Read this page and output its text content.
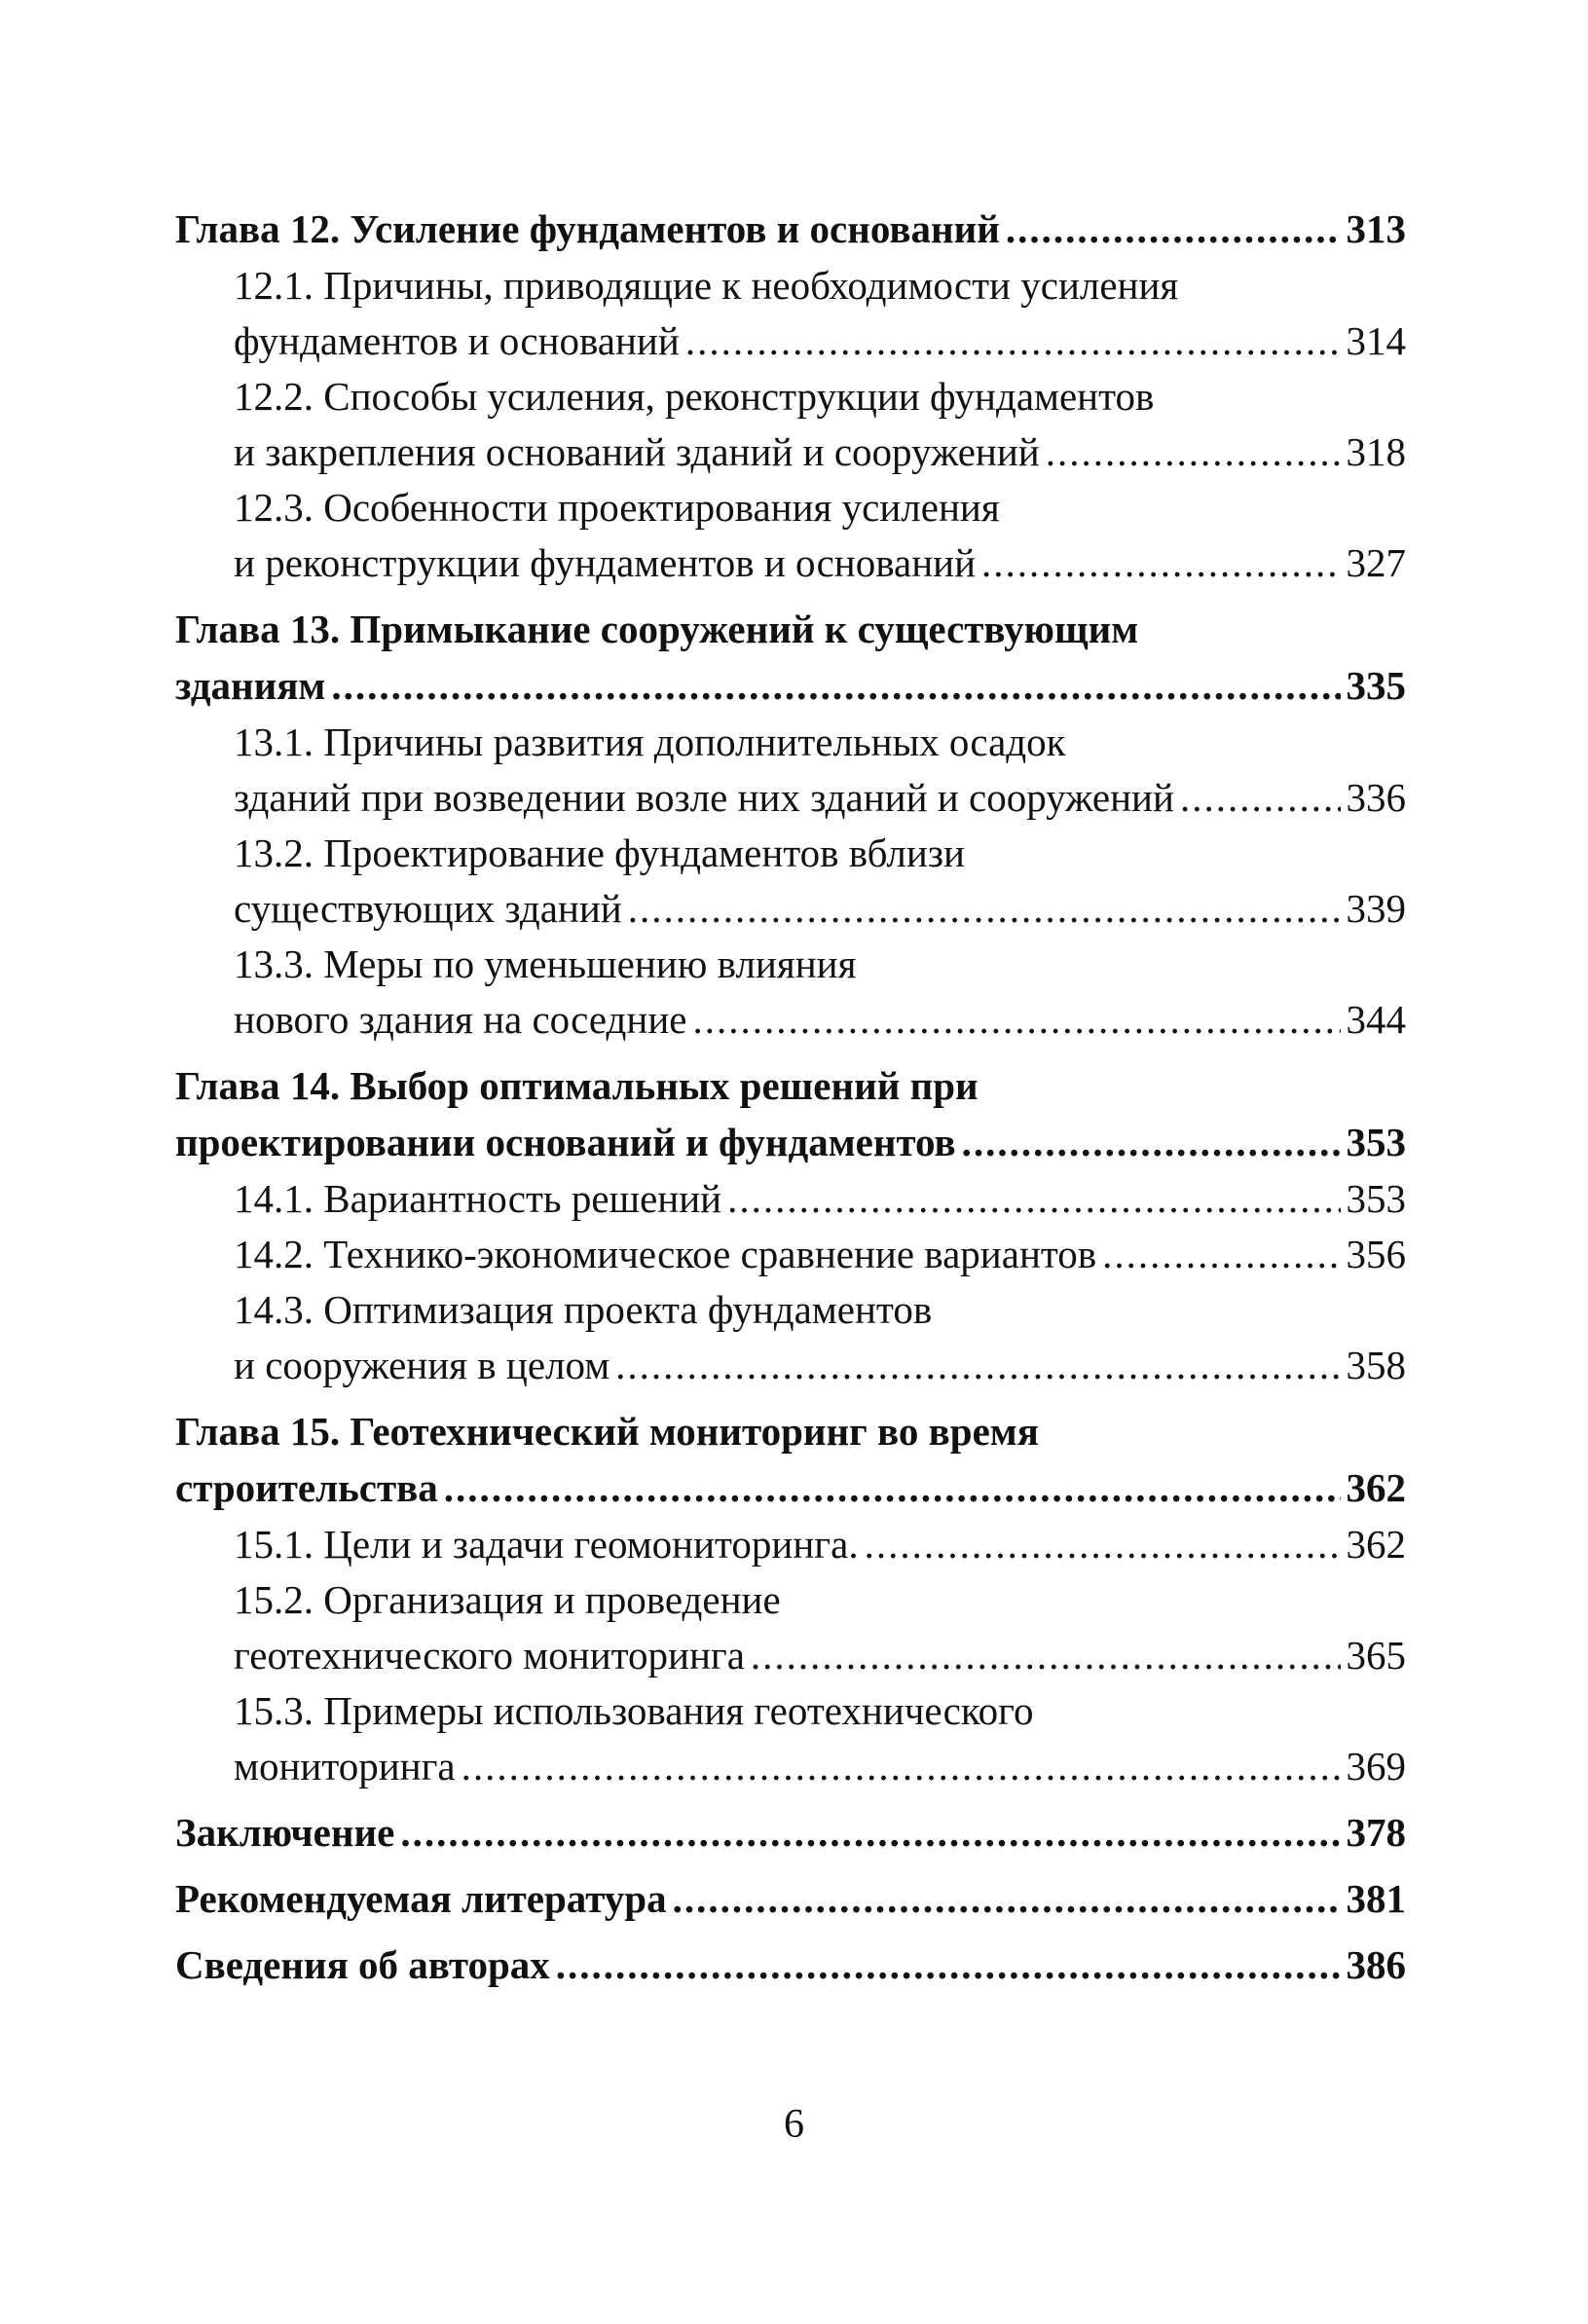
Глава 12. Усиление фундаментов и оснований .....	313
12.1. Причины, приводящие к необходимости усиления
фундаментов и оснований .....	314
12.2. Способы усиления, реконструкции фундаментов
и закрепления оснований зданий и сооружений .....	318
12.3. Особенности проектирования усиления
и реконструкции фундаментов и оснований .....	327
Глава 13. Примыкание сооружений к существующим
зданиям .....	335
13.1. Причины развития дополнительных осадок
зданий при возведении возле них зданий и сооружений .....	336
13.2. Проектирование фундаментов вблизи
существующих зданий .....	339
13.3. Меры по уменьшению влияния
нового здания на соседние .....	344
Глава 14. Выбор оптимальных решений при
проектировании оснований и фундаментов .....	353
14.1. Вариантность решений .....	353
14.2. Технико-экономическое сравнение вариантов .....	356
14.3. Оптимизация проекта фундаментов
и сооружения в целом .....	358
Глава 15. Геотехнический мониторинг во время
строительства .....	362
15.1. Цели и задачи геомониторинга. .....	362
15.2. Организация и проведение
геотехнического мониторинга .....	365
15.3. Примеры использования геотехнического
мониторинга .....	369
Заключение .....	378
Рекомендуемая литература .....	381
Сведения об авторах .....	386
6
